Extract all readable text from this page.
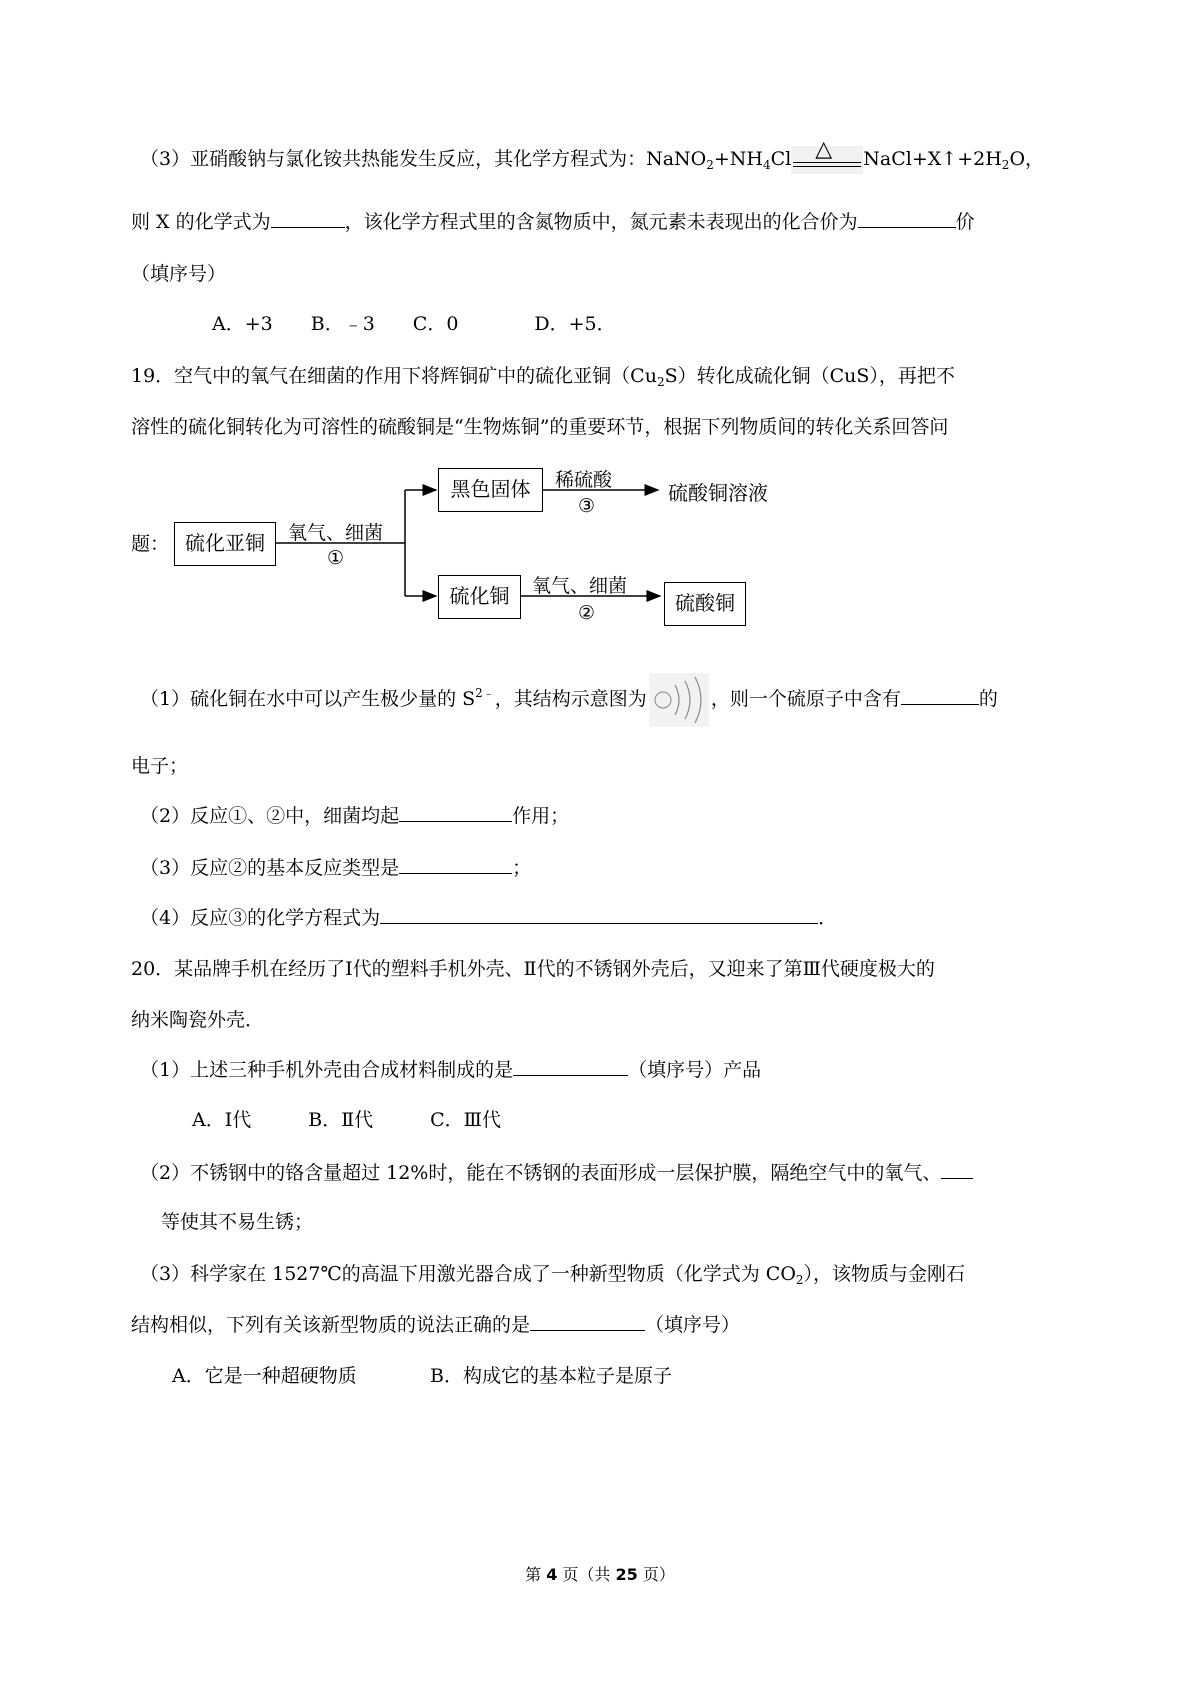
（3）亚硝酸钠与氯化铵共热能发生反应，其化学方程式为：$NaNO_2+NH_4Cl$ △ $NaCl+X↑+2H_2O$，
则 X 的化学式为	，该化学方程式里的含氮物质中，氮元素未表现出的化合价为	价
（填序号）
A．+3　　B．﹣3　　C．0　　　　D．+5．
19．空气中的氧气在细菌的作用下将辉铜矿中的硫化亚铜$(Cu_2S)$转化成硫化铜（CuS），再把不
溶性的硫化铜转化为可溶性的硫酸铜是“生物炼铜”的重要环节，根据下列物质间的转化关系回答问
题： 硫化亚铜	氧气、细菌
①
黑色固体	稀硫酸
③
硫酸铜溶液
硫化铜	氧气、细菌
②	硫酸铜
（1）硫化铜在水中可以产生极少量的 $S^{2﹣}$，其结构示意图为	，则一个硫原子中含有	的
电子；
（2）反应①、②中，细菌均起	作用；
（3）反应②的基本反应类型是	；
（4）反应③的化学方程式为	．
20．某品牌手机在经历了Ⅰ代的塑料手机外壳、Ⅱ代的不锈钢外壳后，又迎来了第Ⅲ代硬度极大的
纳米陶瓷外壳．
（1）上述三种手机外壳由合成材料制成的是	（填序号）产品
A．Ⅰ代　　　B．Ⅱ代　　　C．Ⅲ代
（2）不锈钢中的铬含量超过 12%时，能在不锈钢的表面形成一层保护膜，隔绝空气中的氧气、
等使其不易生锈；
（3）科学家在 1527℃的高温下用激光器合成了一种新型物质（化学式为 $CO_2$），该物质与金刚石
结构相似，下列有关该新型物质的说法正确的是	（填序号）
A．它是一种超硬物质	B．构成它的基本粒子是原子
第 4 页（共 25 页）
